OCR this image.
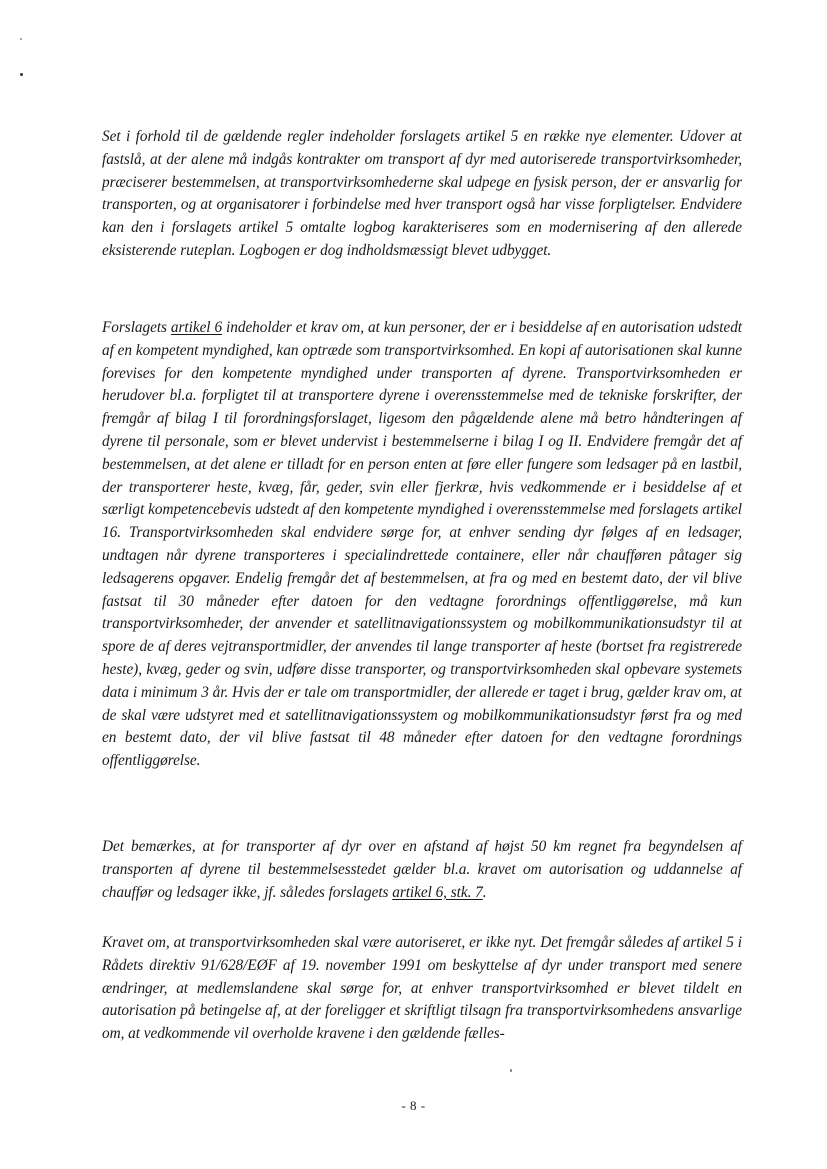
Set i forhold til de gældende regler indeholder forslagets artikel 5 en række nye elementer. Udover at fastslå, at der alene må indgås kontrakter om transport af dyr med autoriserede transportvirksomheder, præciserer bestemmelsen, at transportvirksomhederne skal udpege en fysisk person, der er ansvarlig for transporten, og at organisatorer i forbindelse med hver transport også har visse forpligtelser. Endvidere kan den i forslagets artikel 5 omtalte logbog karakteriseres som en modernisering af den allerede eksisterende ruteplan. Logbogen er dog indholdsmæssigt blevet udbygget.

Forslagets artikel 6 indeholder et krav om, at kun personer, der er i besiddelse af en autorisation udstedt af en kompetent myndighed, kan optræde som transportvirksomhed. En kopi af autorisationen skal kunne forevises for den kompetente myndighed under transporten af dyrene. Transportvirksomheden er herudover bl.a. forpligtet til at transportere dyrene i overensstemmelse med de tekniske forskrifter, der fremgår af bilag I til forordningsforslaget, ligesom den pågældende alene må betro håndteringen af dyrene til personale, som er blevet undervist i bestemmelserne i bilag I og II. Endvidere fremgår det af bestemmelsen, at det alene er tilladt for en person enten at føre eller fungere som ledsager på en lastbil, der transporterer heste, kvæg, får, geder, svin eller fjerkræ, hvis vedkommende er i besiddelse af et særligt kompetencebevis udstedt af den kompetente myndighed i overensstemmelse med forslagets artikel 16. Transportvirksomheden skal endvidere sørge for, at enhver sending dyr følges af en ledsager, undtagen når dyrene transporteres i specialindrettede containere, eller når chaufføren påtager sig ledsagerens opgaver. Endelig fremgår det af bestemmelsen, at fra og med en bestemt dato, der vil blive fastsat til 30 måneder efter datoen for den vedtagne forordnings offentliggørelse, må kun transportvirksomheder, der anvender et satellitnavigationssystem og mobilkommunikationsudstyr til at spore de af deres vejtransportmidler, der anvendes til lange transporter af heste (bortset fra registrerede heste), kvæg, geder og svin, udføre disse transporter, og transportvirksomheden skal opbevare systemets data i minimum 3 år. Hvis der er tale om transportmidler, der allerede er taget i brug, gælder krav om, at de skal være udstyret med et satellitnavigationssystem og mobilkommunikationsudstyr først fra og med en bestemt dato, der vil blive fastsat til 48 måneder efter datoen for den vedtagne forordnings offentliggørelse.

Det bemærkes, at for transporter af dyr over en afstand af højst 50 km regnet fra begyndelsen af transporten af dyrene til bestemmelsesstedet gælder bl.a. kravet om autorisation og uddannelse af chauffør og ledsager ikke, jf. således forslagets artikel 6, stk. 7.

Kravet om, at transportvirksomheden skal være autoriseret, er ikke nyt. Det fremgår således af artikel 5 i Rådets direktiv 91/628/EØF af 19. november 1991 om beskyttelse af dyr under transport med senere ændringer, at medlemslandene skal sørge for, at enhver transportvirksomhed er blevet tildelt en autorisation på betingelse af, at der foreligger et skriftligt tilsagn fra transportvirksomhedens ansvarlige om, at vedkommende vil overholde kravene i den gældende fælles-

- 8 -
